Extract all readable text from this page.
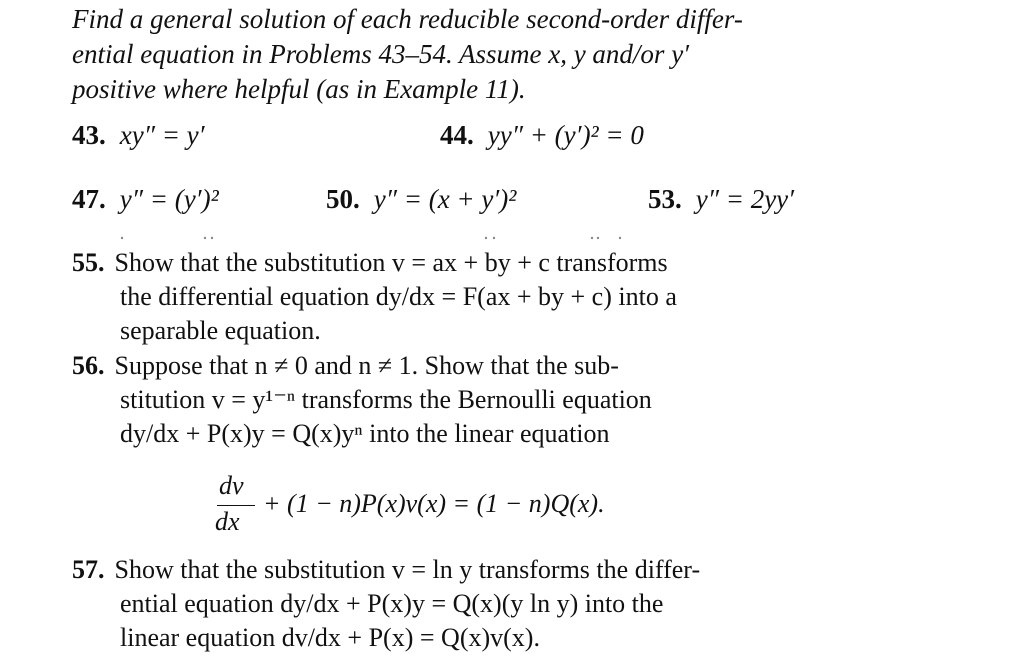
Find a general solution of each reducible second-order differ-
ential equation in Problems 43–54. Assume x, y and/or y′
positive where helpful (as in Example 11).
43. xy″ = y′	44. yy″ + (y′)² = 0
47. y″ = (y′)²	50. y″ = (x + y′)²	53. y″ = 2yy′
55. Show that the substitution v = ax + by + c transforms
the differential equation dy/dx = F(ax + by + c) into a
separable equation.
56. Suppose that n ≠ 0 and n ≠ 1. Show that the sub-
stitution v = y¹⁻ⁿ transforms the Bernoulli equation
dy/dx + P(x)y = Q(x)yⁿ into the linear equation
dv
dx
+ (1 − n)P(x)v(x) = (1 − n)Q(x).
57. Show that the substitution v = ln y transforms the differ-
ential equation dy/dx + P(x)y = Q(x)(y ln y) into the
linear equation dv/dx + P(x) = Q(x)v(x).
